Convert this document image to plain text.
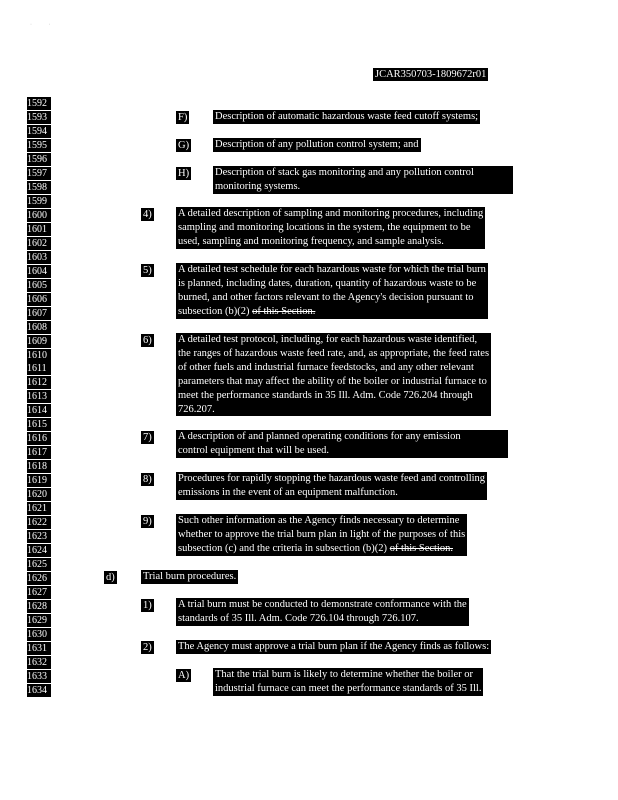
·           ·
JCAR350703-1809672r01
1592
1593
1594
1595
1596
1597
1598
1599
1600
1601
1602
1603
1604
1605
1606
1607
1608
1609
1610
1611
1612
1613
1614
1615
1616
1617
1618
1619
1620
1621
1622
1623
1624
1625
1626
1627
1628
1629
1630
1631
1632
1633
1634
F)	Description of automatic hazardous waste feed cutoff systems;
G) Description of any pollution control system; and
H) Description of stack gas monitoring and any pollution control
monitoring systems.
4)	A detailed description of sampling and monitoring procedures, including
sampling and monitoring locations in the system, the equipment to be
used, sampling and monitoring frequency, and sample analysis.
5)	A detailed test schedule for each hazardous waste for which the trial burn
is planned, including dates, duration, quantity of hazardous waste to be
burned, and other factors relevant to the Agency's decision pursuant to
subsection (b)(2) of this Section.
6)	A detailed test protocol, including, for each hazardous waste identified,
the ranges of hazardous waste feed rate, and, as appropriate, the feed rates
of other fuels and industrial furnace feedstocks, and any other relevant
parameters that may affect the ability of the boiler or industrial furnace to
meet the performance standards in 35 Ill. Adm. Code 726.204 through
726.207.
7)	A description of and planned operating conditions for any emission
control equipment that will be used.
8)	Procedures for rapidly stopping the hazardous waste feed and controlling
emissions in the event of an equipment malfunction.
9)	Such other information as the Agency finds necessary to determine
whether to approve the trial burn plan in light of the purposes of this
subsection (c) and the criteria in subsection (b)(2) of this Section.
d)	Trial burn procedures.
1)	A trial burn must be conducted to demonstrate conformance with the
standards of 35 Ill. Adm. Code 726.104 through 726.107.
2)	The Agency must approve a trial burn plan if the Agency finds as follows:
A) That the trial burn is likely to determine whether the boiler or
industrial furnace can meet the performance standards of 35 Ill.
